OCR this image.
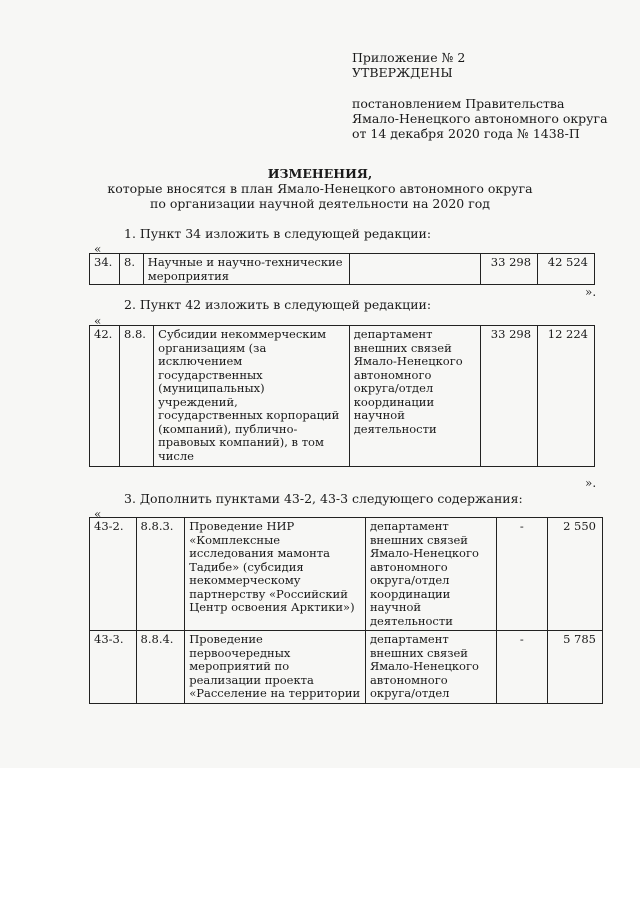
Приложение № 2
УТВЕРЖДЕНЫ
постановлением Правительства
Ямало-Ненецкого автономного округа
от 14 декабря 2020 года № 1438-П
ИЗМЕНЕНИЯ,
которые вносятся в план Ямало-Ненецкого автономного округа
по организации научной деятельности на 2020 год
1. Пункт 34 изложить в следующей редакции:
«
34.	8.	Научные и научно-технические мероприятия		33 298	42 524
».
2. Пункт 42 изложить в следующей редакции:
«
42.	8.8.	Субсидии некоммерческим организациям (за исключением государственных (муниципальных) учреждений, государственных корпораций (компаний), публично-правовых компаний), в том числе	департамент внешних связей Ямало-Ненецкого автономного округа/отдел координации научной деятельности	33 298	12 224
».
3. Дополнить пунктами 43-2, 43-3 следующего содержания:
«
43-2.	8.8.3.	Проведение НИР «Комплексные исследования мамонта Тадибе» (субсидия некоммерческому партнерству «Российский Центр освоения Арктики»)	департамент внешних связей Ямало-Ненецкого автономного округа/отдел координации научной деятельности	-	2 550
43-3.	8.8.4.	Проведение первоочередных мероприятий по реализации проекта «Расселение на территории	департамент внешних связей Ямало-Ненецкого автономного округа/отдел	-	5 785
